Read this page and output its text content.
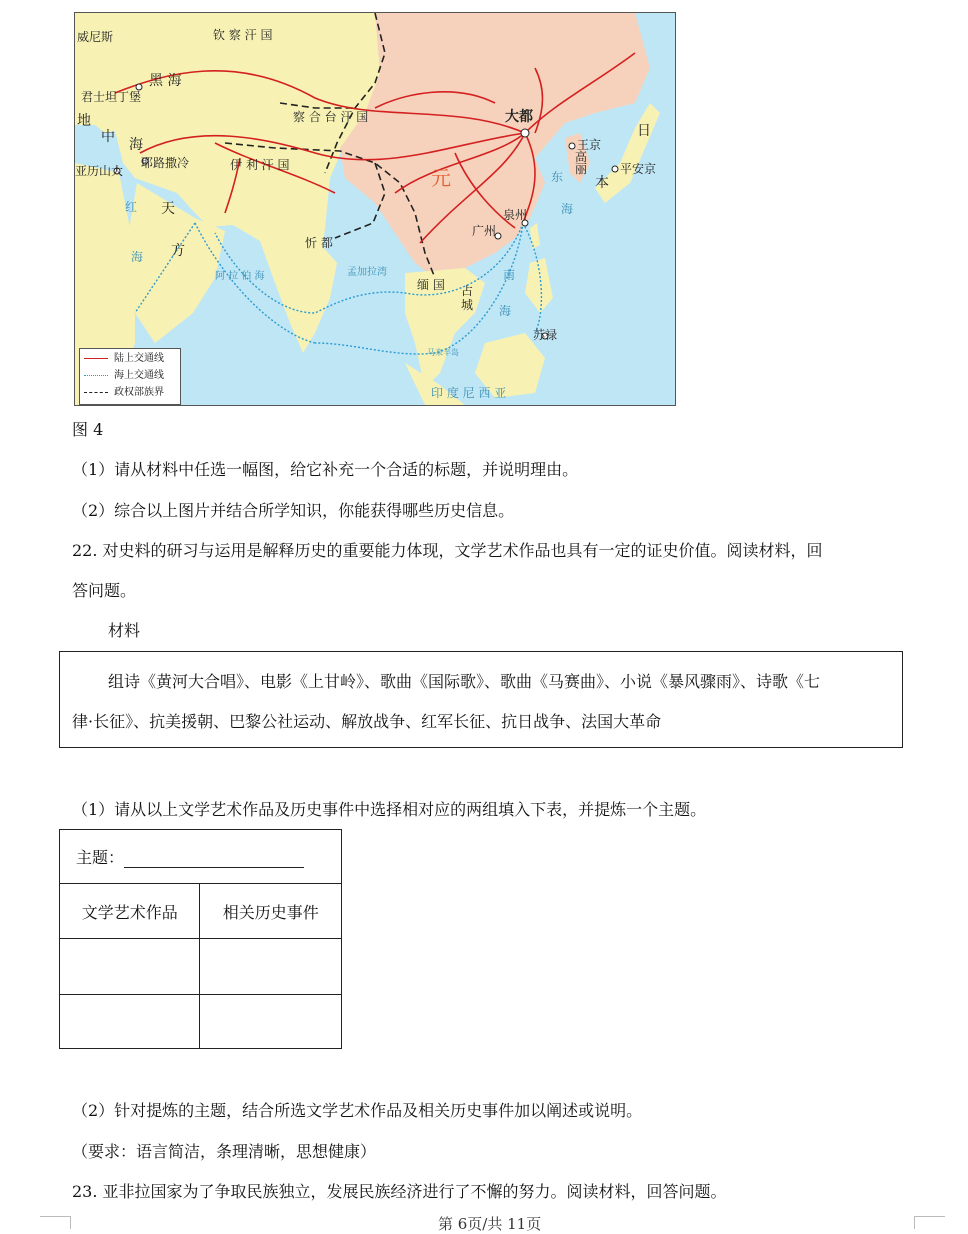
威尼斯	钦 察 汗 国
黑 海
君士坦丁堡
地
中 海
亚历山大
耶路撒冷
察 合 台 汗 国
伊 利 汗 国
大都
王京
高
丽
日
本
平安京
元
泉州
广州
东
海
红
海
天
方	忻 都
阿 拉 伯 海	孟加拉湾
缅 国 占
城
南
海
马来半岛
苏禄
印 度 尼 西 亚
陆上交通线
海上交通线
政权部族界
图 4
（1）请从材料中任选一幅图，给它补充一个合适的标题，并说明理由。
（2）综合以上图片并结合所学知识，你能获得哪些历史信息。
22. 对史料的研习与运用是解释历史的重要能力体现，文学艺术作品也具有一定的证史价值。阅读材料，回
答问题。
材料
组诗《黄河大合唱》、电影《上甘岭》、歌曲《国际歌》、歌曲《马赛曲》、小说《暴风骤雨》、诗歌《七
律·长征》、抗美援朝、巴黎公社运动、解放战争、红军长征、抗日战争、法国大革命
（1）请从以上文学艺术作品及历史事件中选择相对应的两组填入下表，并提炼一个主题。
主题：	
文学艺术作品	相关历史事件

（2）针对提炼的主题，结合所选文学艺术作品及相关历史事件加以阐述或说明。
（要求：语言简洁，条理清晰，思想健康）
23. 亚非拉国家为了争取民族独立，发展民族经济进行了不懈的努力。阅读材料，回答问题。
第 6页/共 11页
